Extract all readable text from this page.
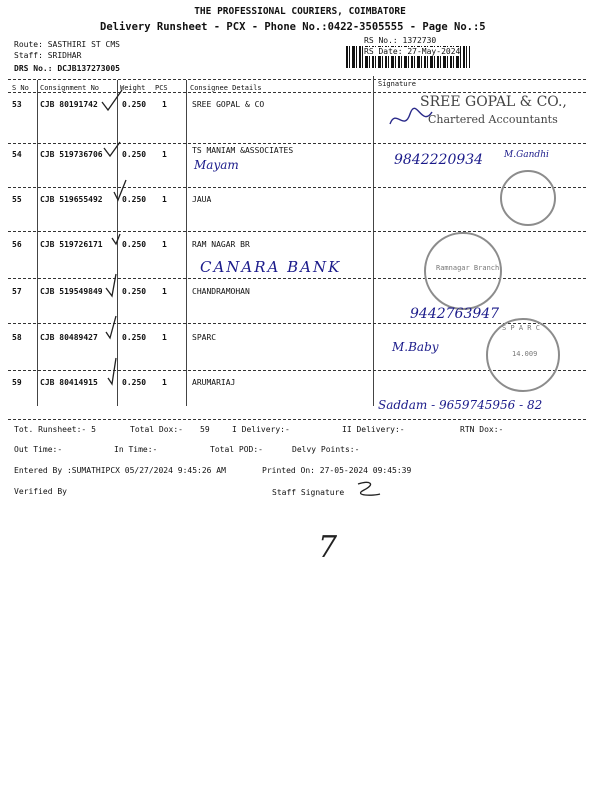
THE PROFESSIONAL COURIERS, COIMBATORE
Delivery Runsheet - PCX - Phone No.:0422-3505555 - Page No.:5
Route: SASTHIRI ST CMS
Staff: SRIDHAR
DRS No.: DCJB137273005
RS No.: 1372730
RS Date: 27-May-2024
S No Consignment No	Weight PCS	Consignee Details	Signature
53 CJB 80191742	0.250 1	SREE GOPAL & CO
54 CJB 519736706 0.250 1	TS MANIAM &ASSOCIATES
55 CJB 519655492 0.250 1	JAUA
56 CJB 519726171 0.250 1	RAM NAGAR BR
57 CJB 519549849 0.250 1	CHANDRAMOHAN
58 CJB 80489427	0.250 1	SPARC
59 CJB 80414915	0.250 1	ARUMARIAJ
SREE GOPAL & CO.,
Chartered Accountants
Mayam	9842220934 M.Gandhi
CANARA BANK	Ramnagar Branch
9442763947
S P A R C
14.009
M.Baby
Saddam - 9659745956 - 82
Tot. Runsheet:- 5	Total Dox:- 59	I Delivery:-	II Delivery:-	RTN Dox:-
Out Time:-	In Time:-	Total POD:-	Delvy Points:-
Entered By :SUMATHIPCX 05/27/2024 9:45:26 AM	Printed On: 27-05-2024 09:45:39
Verified By	Staff Signature
7
